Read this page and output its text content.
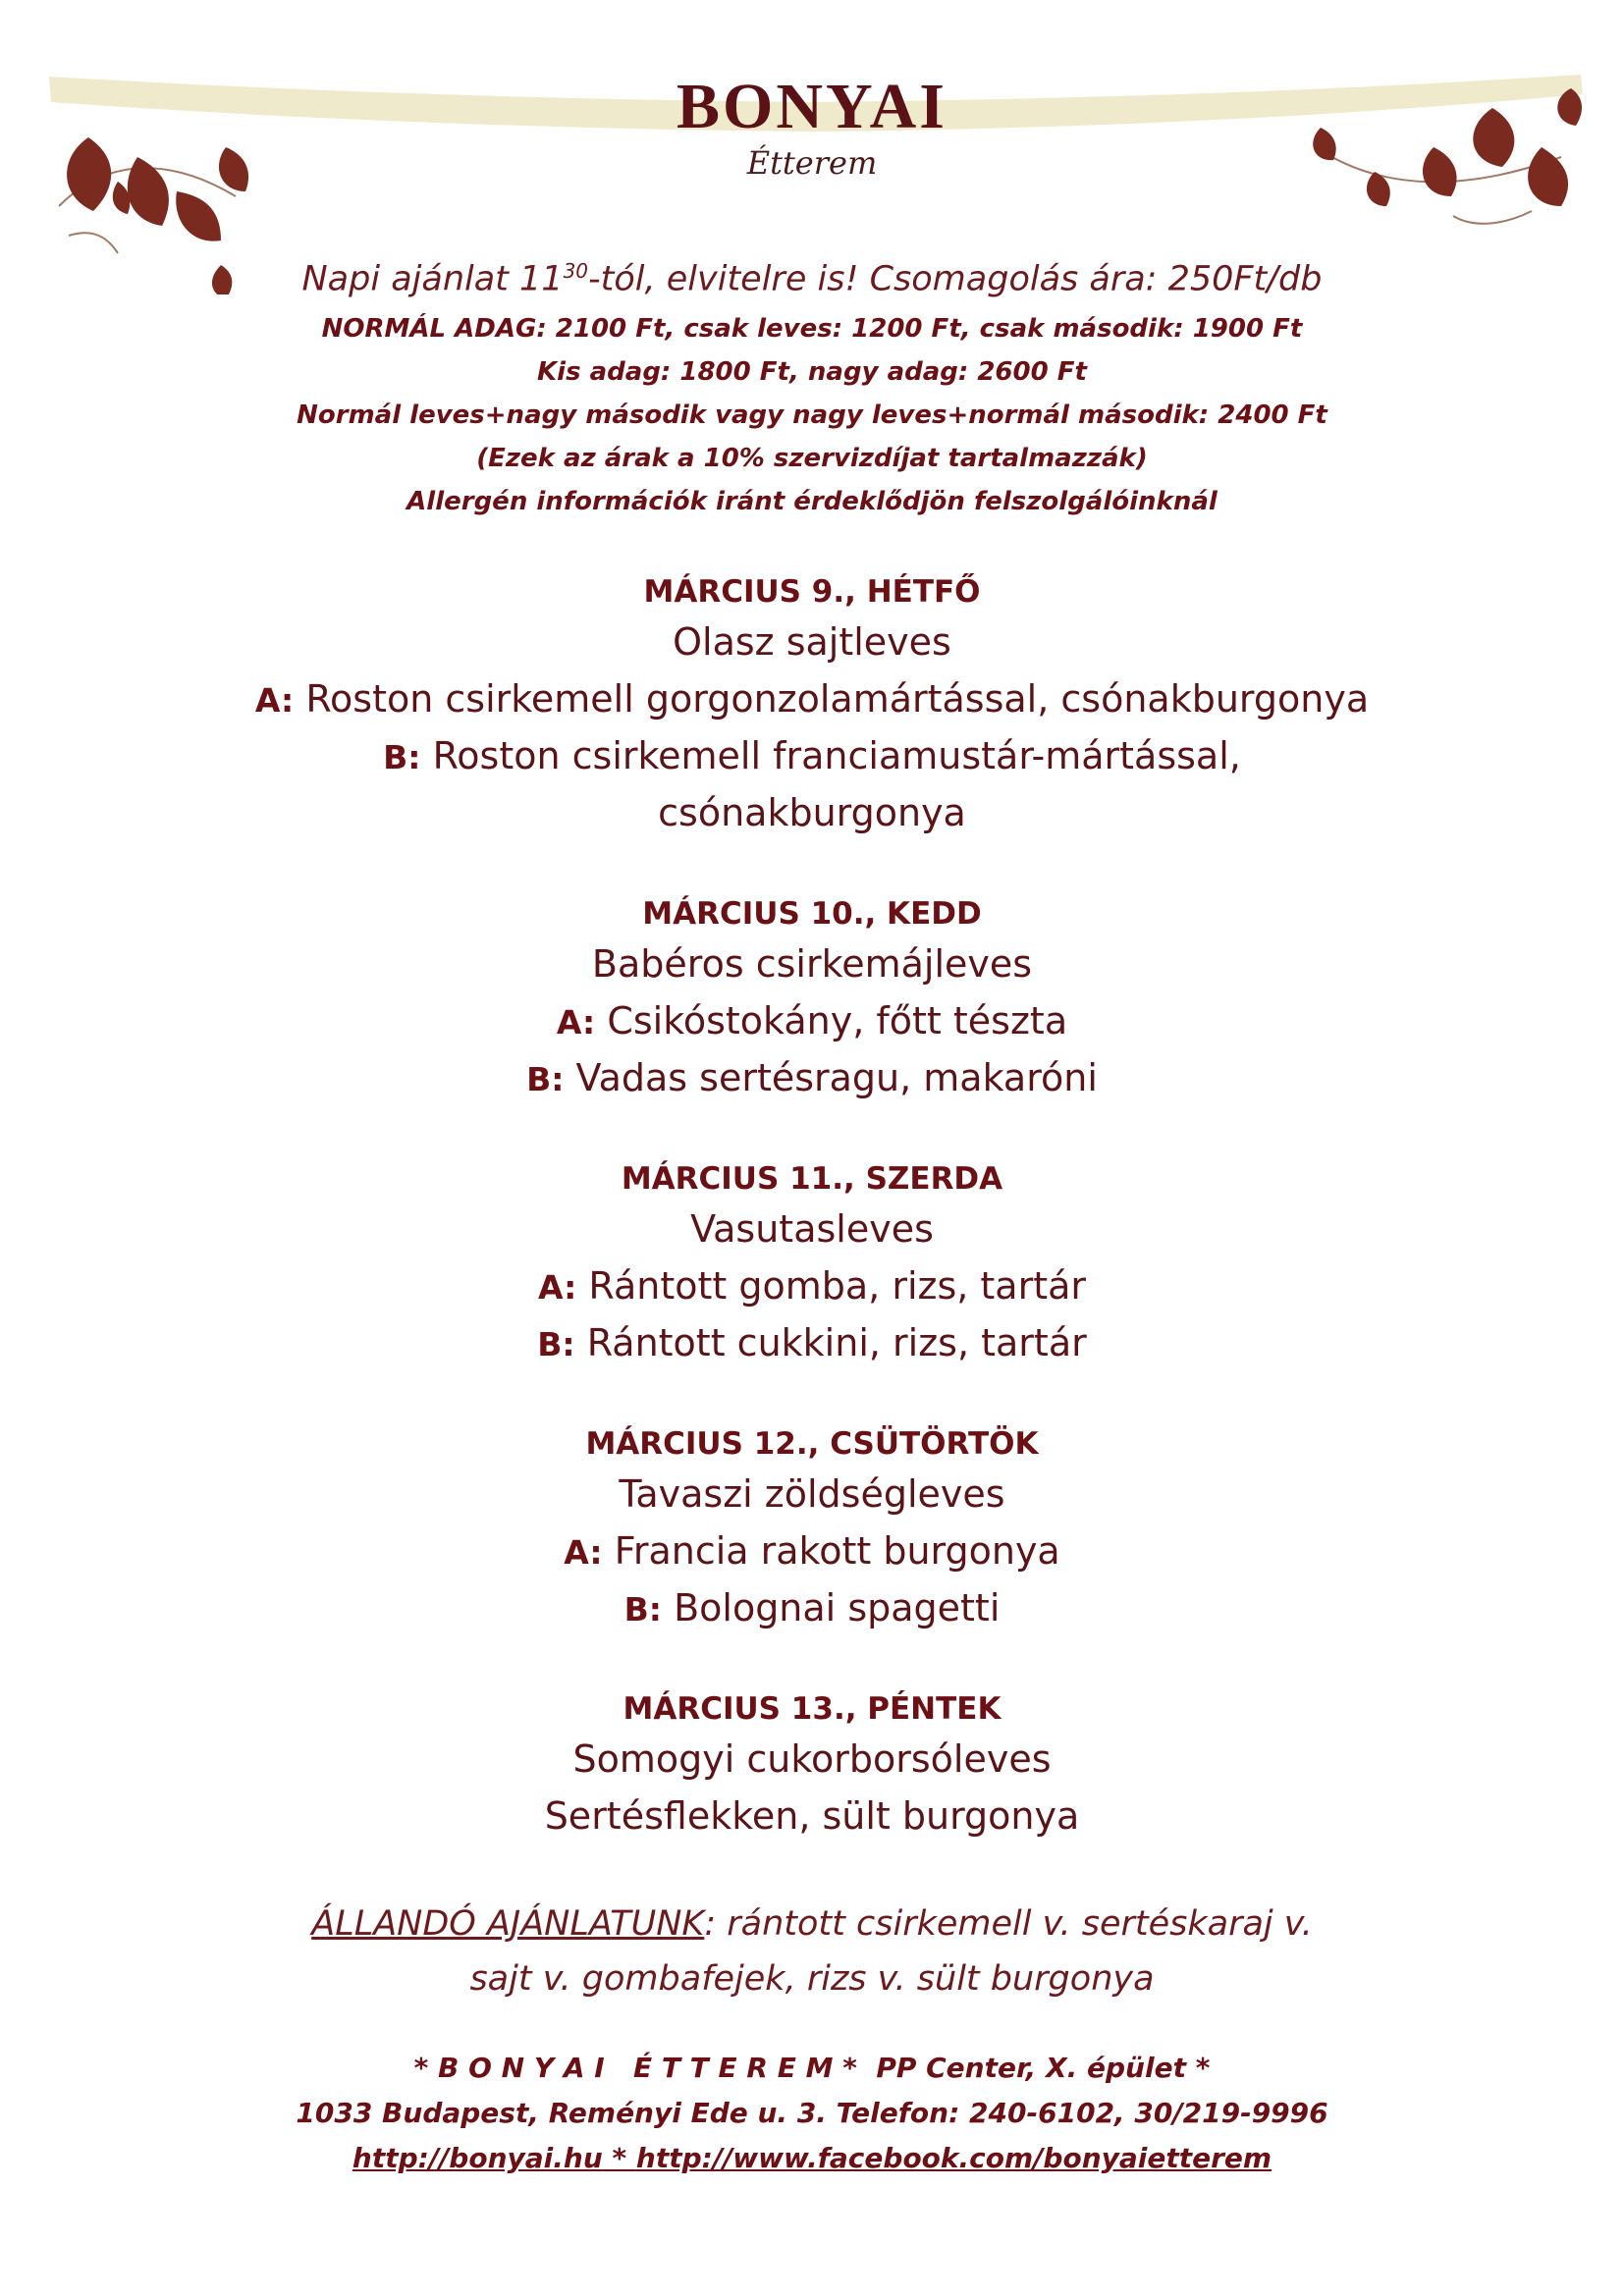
BONYAI
Étterem
Napi ajánlat $11^{30}$-tól, elvitelre is! Csomagolás ára: 250Ft/db
NORMÁL ADAG: 2100 Ft, csak leves: 1200 Ft, csak második: 1900 Ft
Kis adag: 1800 Ft, nagy adag: 2600 Ft
Normál leves+nagy második vagy nagy leves+normál második: 2400 Ft
(Ezek az árak a 10% szervizdíjat tartalmazzák)
Allergén információk iránt érdeklődjön felszolgálóinknál
MÁRCIUS 9., HÉTFŐ
Olasz sajtleves
A: Roston csirkemell gorgonzolamártással, csónakburgonya
B: Roston csirkemell franciamustár-mártással,
csónakburgonya
MÁRCIUS 10., KEDD
Babéros csirkemájleves
A: Csikóstokány, főtt tészta
B: Vadas sertésragu, makaróni
MÁRCIUS 11., SZERDA
Vasutasleves
A: Rántott gomba, rizs, tartár
B: Rántott cukkini, rizs, tartár
MÁRCIUS 12., CSÜTÖRTÖK
Tavaszi zöldségleves
A: Francia rakott burgonya
B: Bolognai spagetti
MÁRCIUS 13., PÉNTEK
Somogyi cukorborsóleves
Sertésflekken, sült burgonya
ÁLLANDÓ AJÁNLATUNK: rántott csirkemell v. sertéskaraj v.
sajt v. gombafejek, rizs v. sült burgonya
* B O N Y A I   É T T E R E M *  PP Center, X. épület *
1033 Budapest, Reményi Ede u. 3. Telefon: 240-6102, 30/219-9996
http://bonyai.hu * http://www.facebook.com/bonyaietterem
